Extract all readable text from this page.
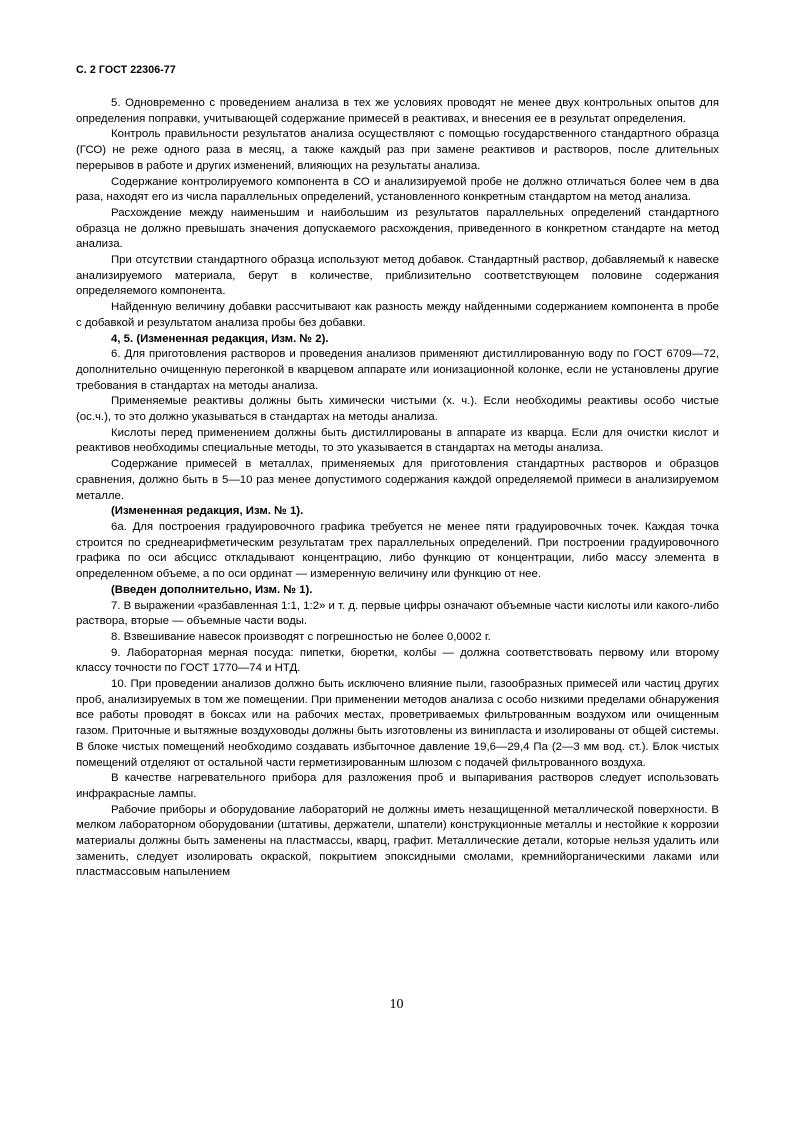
С. 2 ГОСТ 22306-77

5. Одновременно с проведением анализа в тех же условиях проводят не менее двух контрольных опытов для определения поправки, учитывающей содержание примесей в реактивах, и внесения ее в результат определения.

Контроль правильности результатов анализа осуществляют с помощью государственного стандартного образца (ГСО) не реже одного раза в месяц, а также каждый раз при замене реактивов и растворов, после длительных перерывов в работе и других изменений, влияющих на результаты анализа.

Содержание контролируемого компонента в СО и анализируемой пробе не должно отличаться более чем в два раза, находят его из числа параллельных определений, установленного конкретным стандартом на метод анализа.

Расхождение между наименьшим и наибольшим из результатов параллельных определений стандартного образца не должно превышать значения допускаемого расхождения, приведенного в конкретном стандарте на метод анализа.

При отсутствии стандартного образца используют метод добавок. Стандартный раствор, добавляемый к навеске анализируемого материала, берут в количестве, приблизительно соответствующем половине содержания определяемого компонента.

Найденную величину добавки рассчитывают как разность между найденными содержанием компонента в пробе с добавкой и результатом анализа пробы без добавки.

4, 5. (Измененная редакция, Изм. № 2).

6. Для приготовления растворов и проведения анализов применяют дистиллированную воду по ГОСТ 6709—72, дополнительно очищенную перегонкой в кварцевом аппарате или ионизационной колонке, если не установлены другие требования в стандартах на методы анализа.

Применяемые реактивы должны быть химически чистыми (х. ч.). Если необходимы реактивы особо чистые (ос.ч.), то это должно указываться в стандартах на методы анализа.

Кислоты перед применением должны быть дистиллированы в аппарате из кварца. Если для очистки кислот и реактивов необходимы специальные методы, то это указывается в стандартах на методы анализа.

Содержание примесей в металлах, применяемых для приготовления стандартных растворов и образцов сравнения, должно быть в 5—10 раз менее допустимого содержания каждой определяемой примеси в анализируемом металле.

(Измененная редакция, Изм. № 1).

6а. Для построения градуировочного графика требуется не менее пяти градуировочных точек. Каждая точка строится по среднеарифметическим результатам трех параллельных определений. При построении градуировочного графика по оси абсцисс откладывают концентрацию, либо функцию от концентрации, либо массу элемента в определенном объеме, а по оси ординат — измеренную величину или функцию от нее.

(Введен дополнительно, Изм. № 1).

7. В выражении «разбавленная 1:1, 1:2» и т. д. первые цифры означают объемные части кислоты или какого-либо раствора, вторые — объемные части воды.

8. Взвешивание навесок производят с погрешностью не более 0,0002 г.

9. Лабораторная мерная посуда: пипетки, бюретки, колбы — должна соответствовать первому или второму классу точности по ГОСТ 1770—74 и НТД.

10. При проведении анализов должно быть исключено влияние пыли, газообразных примесей или частиц других проб, анализируемых в том же помещении. При применении методов анализа с особо низкими пределами обнаружения все работы проводят в боксах или на рабочих местах, проветриваемых фильтрованным воздухом или очищенным газом. Приточные и вытяжные воздуховоды должны быть изготовлены из винипласта и изолированы от общей системы. В блоке чистых помещений необходимо создавать избыточное давление 19,6—29,4 Па (2—3 мм вод. ст.). Блок чистых помещений отделяют от остальной части герметизированным шлюзом с подачей фильтрованного воздуха.

В качестве нагревательного прибора для разложения проб и выпаривания растворов следует использовать инфракрасные лампы.

Рабочие приборы и оборудование лабораторий не должны иметь незащищенной металлической поверхности. В мелком лабораторном оборудовании (штативы, держатели, шпатели) конструкционные металлы и нестойкие к коррозии материалы должны быть заменены на пластмассы, кварц, графит. Металлические детали, которые нельзя удалить или заменить, следует изолировать окраской, покрытием эпоксидными смолами, кремнийорганическими лаками или пластмассовым напылением

10
